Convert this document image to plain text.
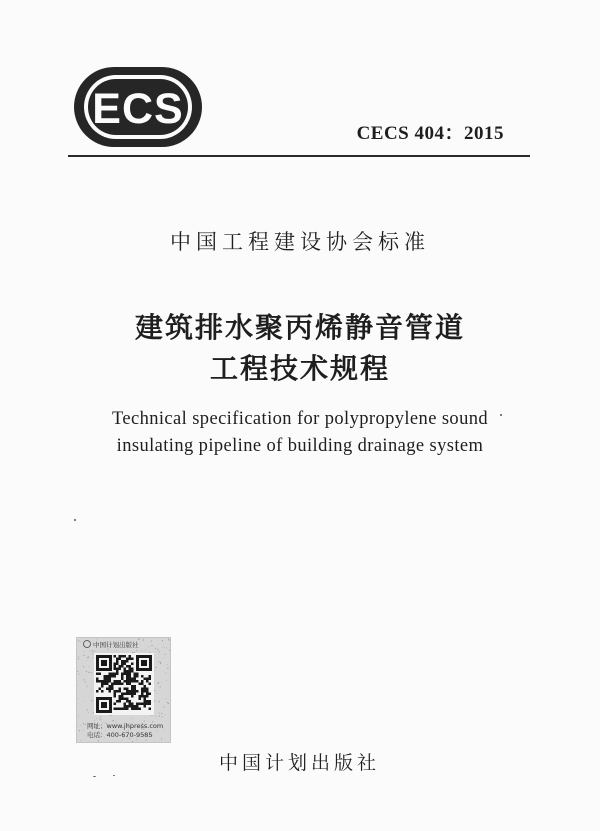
ECS
CECS 404：2015
中国工程建设协会标准
建筑排水聚丙烯静音管道
工程技术规程
Technical specification for polypropylene sound
insulating pipeline of building drainage system
中国计划出版社
网址：www.jhpress.com
电话：400-670-9585
中国计划出版社
